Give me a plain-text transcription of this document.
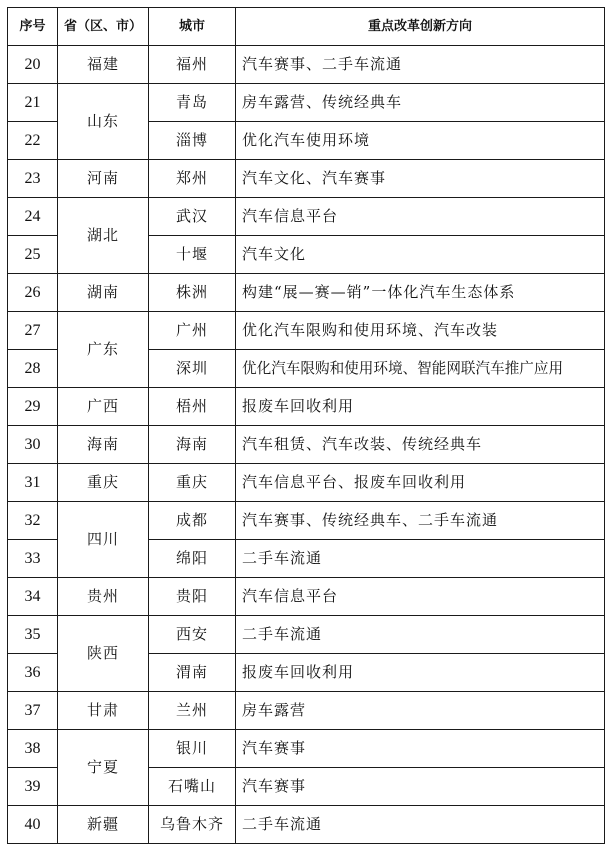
序号	省（区、市）	城市	重点改革创新方向
20	福建	福州	汽车赛事、二手车流通
21	山东	青岛	房车露营、传统经典车
22		淄博	优化汽车使用环境
23	河南	郑州	汽车文化、汽车赛事
24	湖北	武汉	汽车信息平台
25		十堰	汽车文化
26	湖南	株洲	构建“展—赛—销”一体化汽车生态体系
27	广东	广州	优化汽车限购和使用环境、汽车改装
28		深圳	优化汽车限购和使用环境、智能网联汽车推广应用
29	广西	梧州	报废车回收利用
30	海南	海南	汽车租赁、汽车改装、传统经典车
31	重庆	重庆	汽车信息平台、报废车回收利用
32	四川	成都	汽车赛事、传统经典车、二手车流通
33		绵阳	二手车流通
34	贵州	贵阳	汽车信息平台
35	陕西	西安	二手车流通
36		渭南	报废车回收利用
37	甘肃	兰州	房车露营
38	宁夏	银川	汽车赛事
39		石嘴山	汽车赛事
40	新疆	乌鲁木齐	二手车流通
